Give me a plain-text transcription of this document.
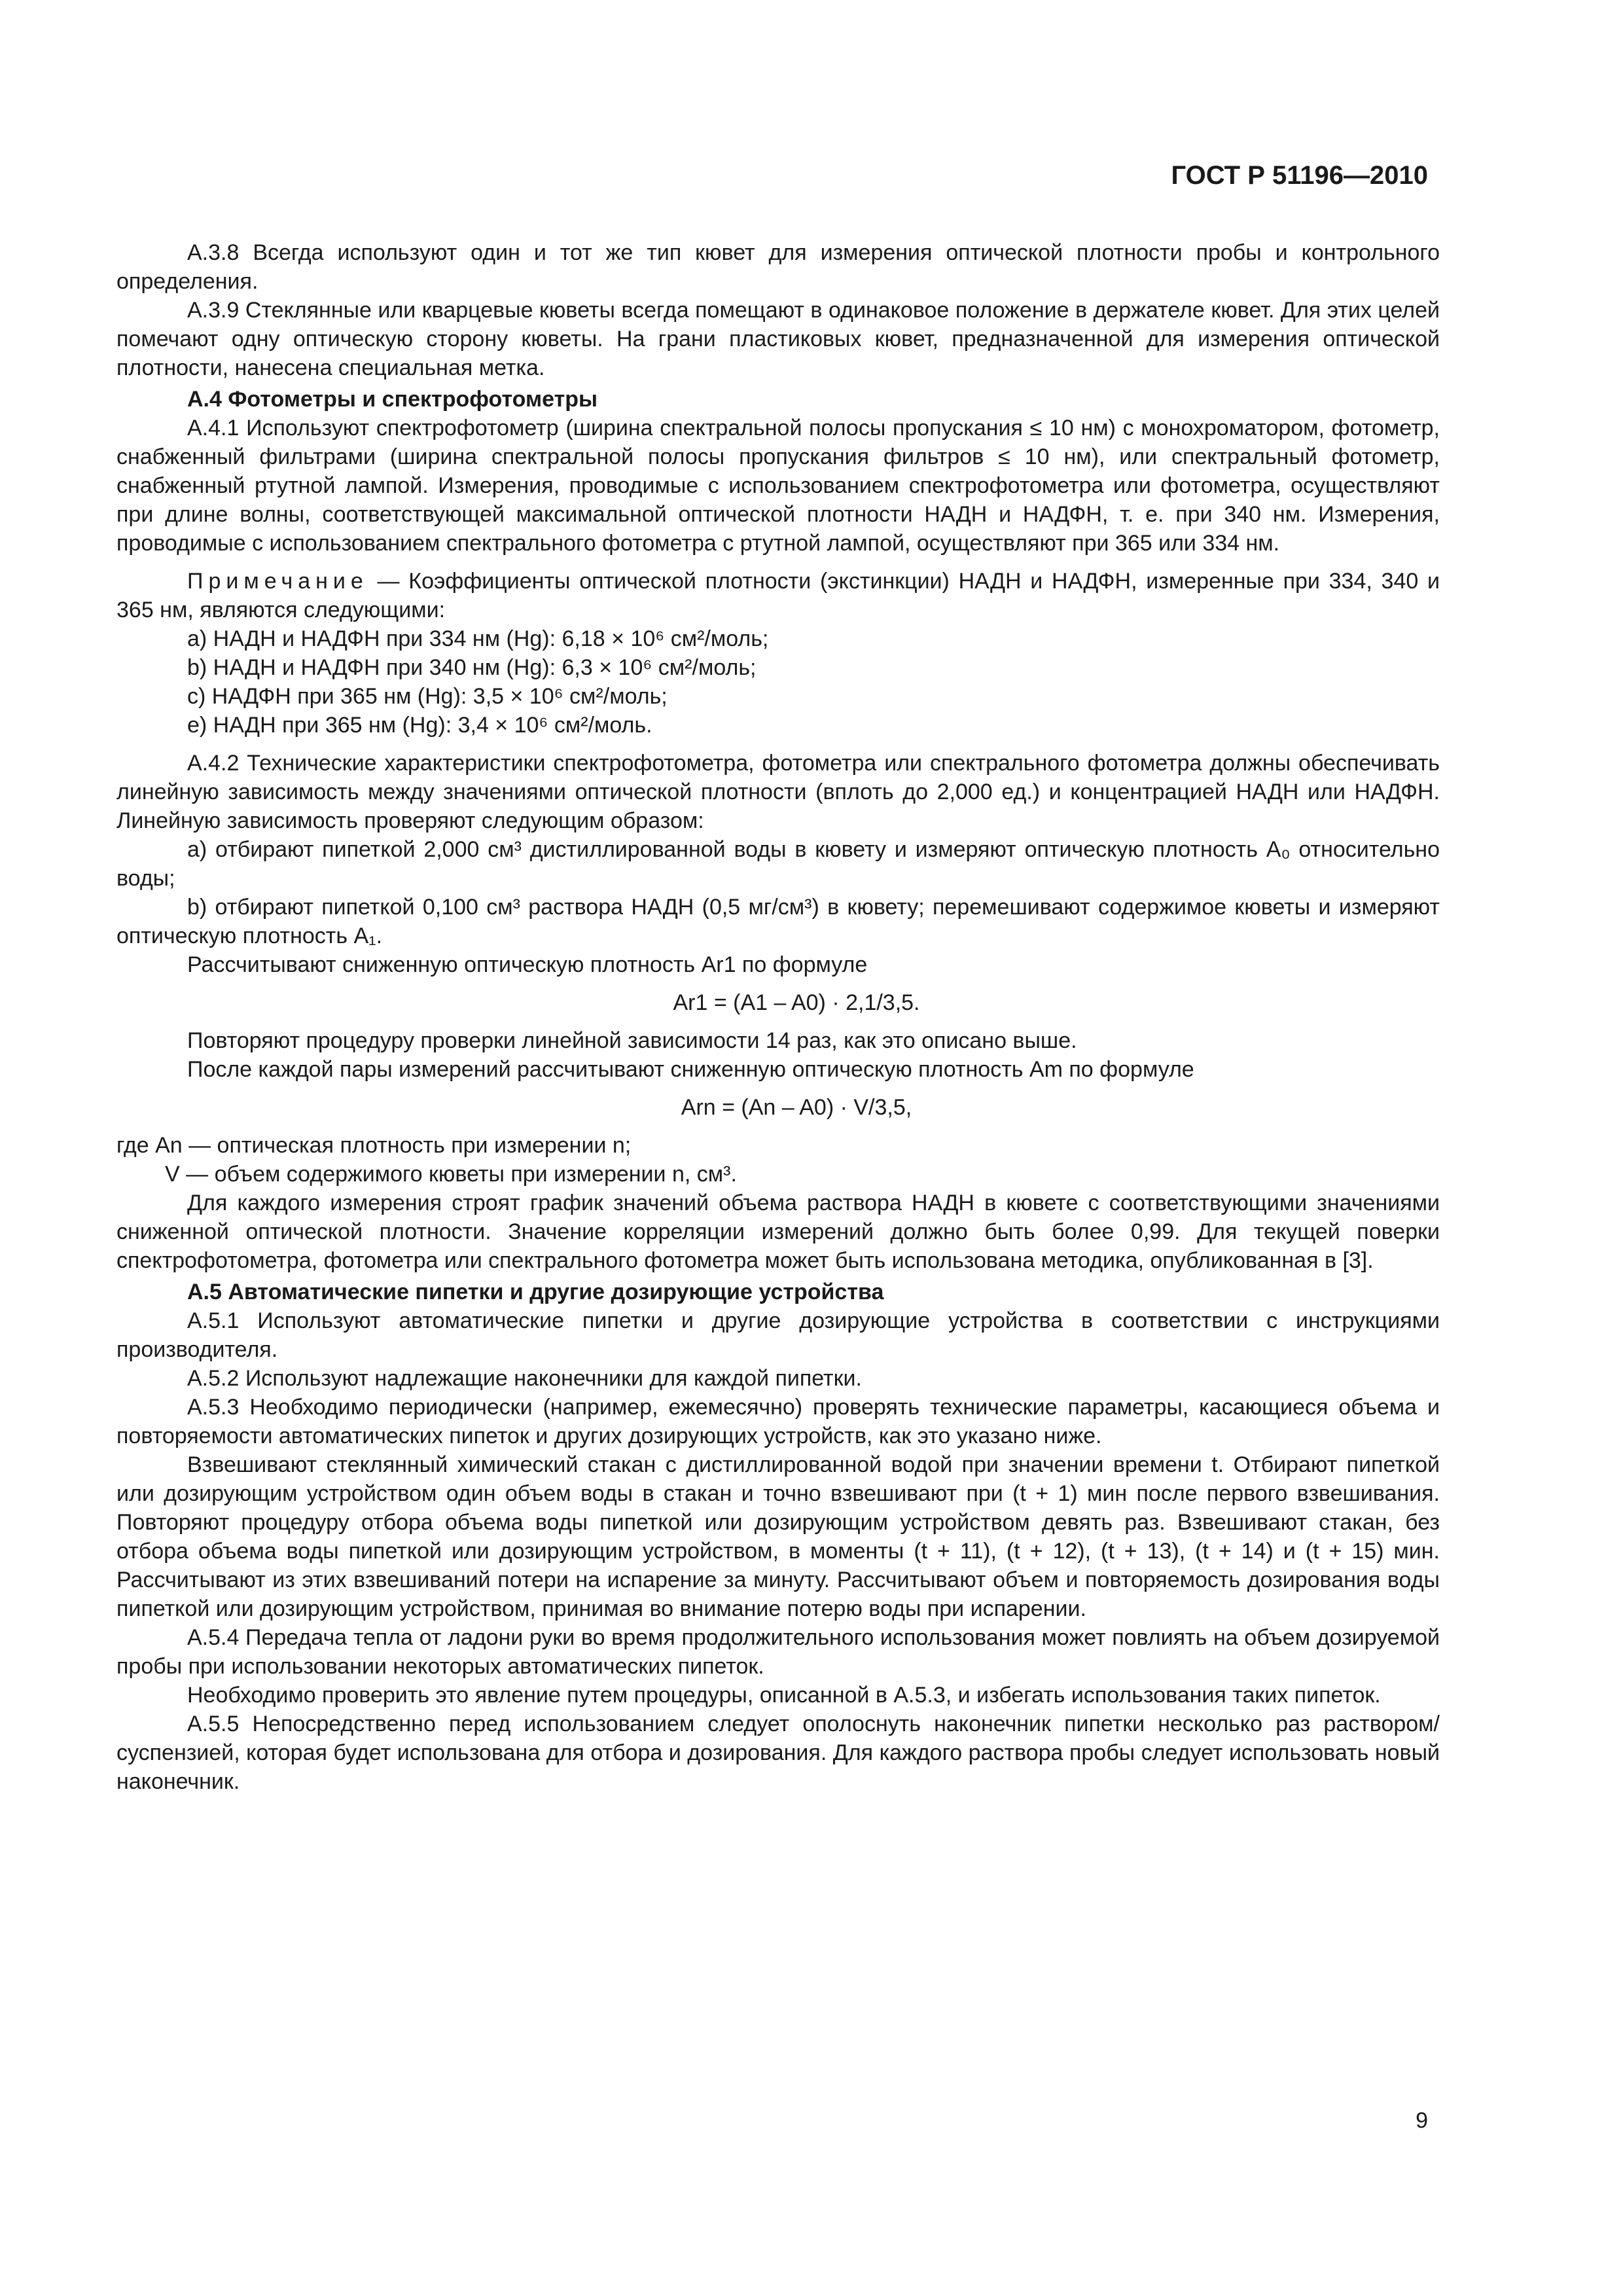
ГОСТ Р 51196—2010

А.3.8 Всегда используют один и тот же тип кювет для измерения оптической плотности пробы и контрольного определения.

А.3.9 Стеклянные или кварцевые кюветы всегда помещают в одинаковое положение в держателе кювет. Для этих целей помечают одну оптическую сторону кюветы. На грани пластиковых кювет, предназначенной для измерения оптической плотности, нанесена специальная метка.

А.4 Фотометры и спектрофотометры

А.4.1 Используют спектрофотометр (ширина спектральной полосы пропускания ≤ 10 нм) с монохроматором, фотометр, снабженный фильтрами (ширина спектральной полосы пропускания фильтров ≤ 10 нм), или спектральный фотометр, снабженный ртутной лампой. Измерения, проводимые с использованием спектрофотометра или фотометра, осуществляют при длине волны, соответствующей максимальной оптической плотности НАДН и НАДФН, т. е. при 340 нм. Измерения, проводимые с использованием спектрального фотометра с ртутной лампой, осуществляют при 365 или 334 нм.

Примечание — Коэффициенты оптической плотности (экстинкции) НАДН и НАДФН, измеренные при 334, 340 и 365 нм, являются следующими:

a) НАДН и НАДФН при 334 нм (Hg): 6,18 × 10⁶ см²/моль;
b) НАДН и НАДФН при 340 нм (Hg): 6,3 × 10⁶ см²/моль;
c) НАДФН при 365 нм (Hg): 3,5 × 10⁶ см²/моль;
e) НАДН при 365 нм (Hg): 3,4 × 10⁶ см²/моль.

А.4.2 Технические характеристики спектрофотометра, фотометра или спектрального фотометра должны обеспечивать линейную зависимость между значениями оптической плотности (вплоть до 2,000 ед.) и концентрацией НАДН или НАДФН. Линейную зависимость проверяют следующим образом:

a) отбирают пипеткой 2,000 см³ дистиллированной воды в кювету и измеряют оптическую плотность A₀ относительно воды;

b) отбирают пипеткой 0,100 см³ раствора НАДН (0,5 мг/см³) в кювету; перемешивают содержимое кюветы и измеряют оптическую плотность A₁.

Рассчитывают сниженную оптическую плотность Ar1 по формуле

Ar1 = (A1 – A0) · 2,1/3,5.

Повторяют процедуру проверки линейной зависимости 14 раз, как это описано выше.

После каждой пары измерений рассчитывают сниженную оптическую плотность Am по формуле

Arn = (An – A0) · V/3,5,
где An — оптическая плотность при измерении n;
V — объем содержимого кюветы при измерении n, см³.

Для каждого измерения строят график значений объема раствора НАДН в кювете с соответствующими значениями сниженной оптической плотности. Значение корреляции измерений должно быть более 0,99. Для текущей поверки спектрофотометра, фотометра или спектрального фотометра может быть использована методика, опубликованная в [3].

А.5 Автоматические пипетки и другие дозирующие устройства

А.5.1 Используют автоматические пипетки и другие дозирующие устройства в соответствии с инструкциями производителя.

А.5.2 Используют надлежащие наконечники для каждой пипетки.

А.5.3 Необходимо периодически (например, ежемесячно) проверять технические параметры, касающиеся объема и повторяемости автоматических пипеток и других дозирующих устройств, как это указано ниже.

Взвешивают стеклянный химический стакан с дистиллированной водой при значении времени t. Отбирают пипеткой или дозирующим устройством один объем воды в стакан и точно взвешивают при (t + 1) мин после первого взвешивания. Повторяют процедуру отбора объема воды пипеткой или дозирующим устройством девять раз. Взвешивают стакан, без отбора объема воды пипеткой или дозирующим устройством, в моменты (t + 11), (t + 12), (t + 13), (t + 14) и (t + 15) мин. Рассчитывают из этих взвешиваний потери на испарение за минуту. Рассчитывают объем и повторяемость дозирования воды пипеткой или дозирующим устройством, принимая во внимание потерю воды при испарении.

А.5.4 Передача тепла от ладони руки во время продолжительного использования может повлиять на объем дозируемой пробы при использовании некоторых автоматических пипеток.

Необходимо проверить это явление путем процедуры, описанной в А.5.3, и избегать использования таких пипеток.

А.5.5 Непосредственно перед использованием следует ополоснуть наконечник пипетки несколько раз раствором/суспензией, которая будет использована для отбора и дозирования. Для каждого раствора пробы следует использовать новый наконечник.

9
